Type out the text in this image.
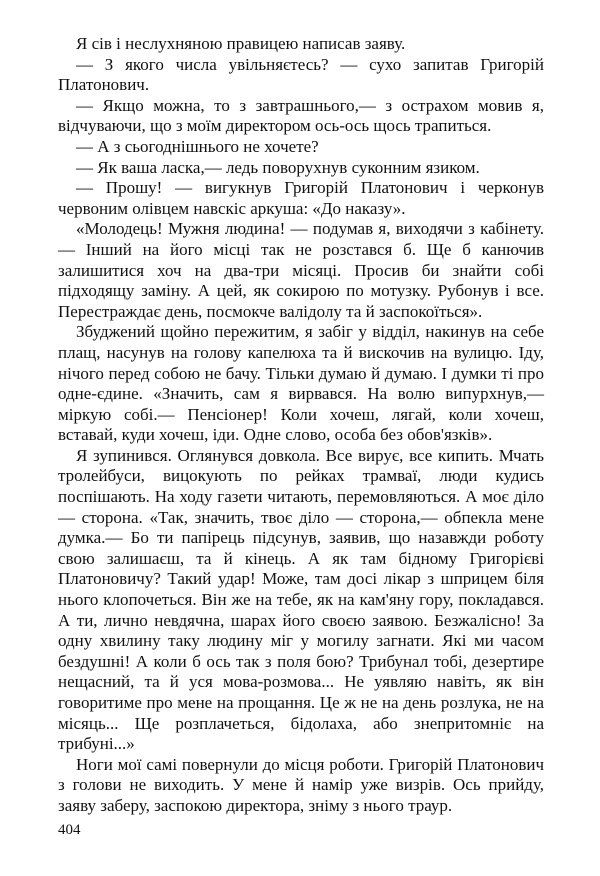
Я сів і неслухняною правицею написав заяву.

— З якого числа увільняєтесь? — сухо запитав Григорій Платонович.

— Якщо можна, то з завтрашнього,— з острахом мовив я, відчуваючи, що з моїм директором ось-ось щось трапиться.

— А з сьогоднішнього не хочете?

— Як ваша ласка,— ледь поворухнув суконним язиком.

— Прошу! — вигукнув Григорій Платонович і черконув червоним олівцем навскіс аркуша: «До наказу».

«Молодець! Мужня людина! — подумав я, виходячи з кабінету.— Інший на його місці так не розстався б. Ще б канючив залишитися хоч на два-три місяці. Просив би знайти собі підходящу заміну. А цей, як сокирою по мотузку. Рубонув і все. Перестраждає день, посмокче валідолу та й заспокоїться».

Збуджений щойно пережитим, я забіг у відділ, накинув на себе плащ, насунув на голову капелюха та й вискочив на вулицю. Іду, нічого перед собою не бачу. Тільки думаю й думаю. І думки ті про одне-єдине. «Значить, сам я вирвався. На волю випурхнув,— міркую собі.— Пенсіонер! Коли хочеш, лягай, коли хочеш, вставай, куди хочеш, іди. Одне слово, особа без обов'язків».

Я зупинився. Оглянувся довкола. Все вирує, все кипить. Мчать тролейбуси, вицокують по рейках трамваї, люди кудись поспішають. На ходу газети читають, перемовляються. А моє діло — сторона. «Так, значить, твоє діло — сторона,— обпекла мене думка.— Бо ти папірець підсунув, заявив, що назавжди роботу свою залишаєш, та й кінець. А як там бідному Григорієві Платоновичу? Такий удар! Може, там досі лікар з шприцем біля нього клопочеться. Він же на тебе, як на кам'яну гору, покладався. А ти, лично невдячна, шарах його своєю заявою. Безжалісно! За одну хвилину таку людину міг у могилу загнати. Які ми часом бездушні! А коли б ось так з поля бою? Трибунал тобі, дезертире нещасний, та й уся мова-розмова... Не уявляю навіть, як він говоритиме про мене на прощання. Це ж не на день розлука, не на місяць... Ще розплачеться, бідолаха, або знепритомніє на трибуні...»

Ноги мої самі повернули до місця роботи. Григорій Платонович з голови не виходить. У мене й намір уже визрів. Ось прийду, заяву заберу, заспокою директора, зніму з нього траур.

404
